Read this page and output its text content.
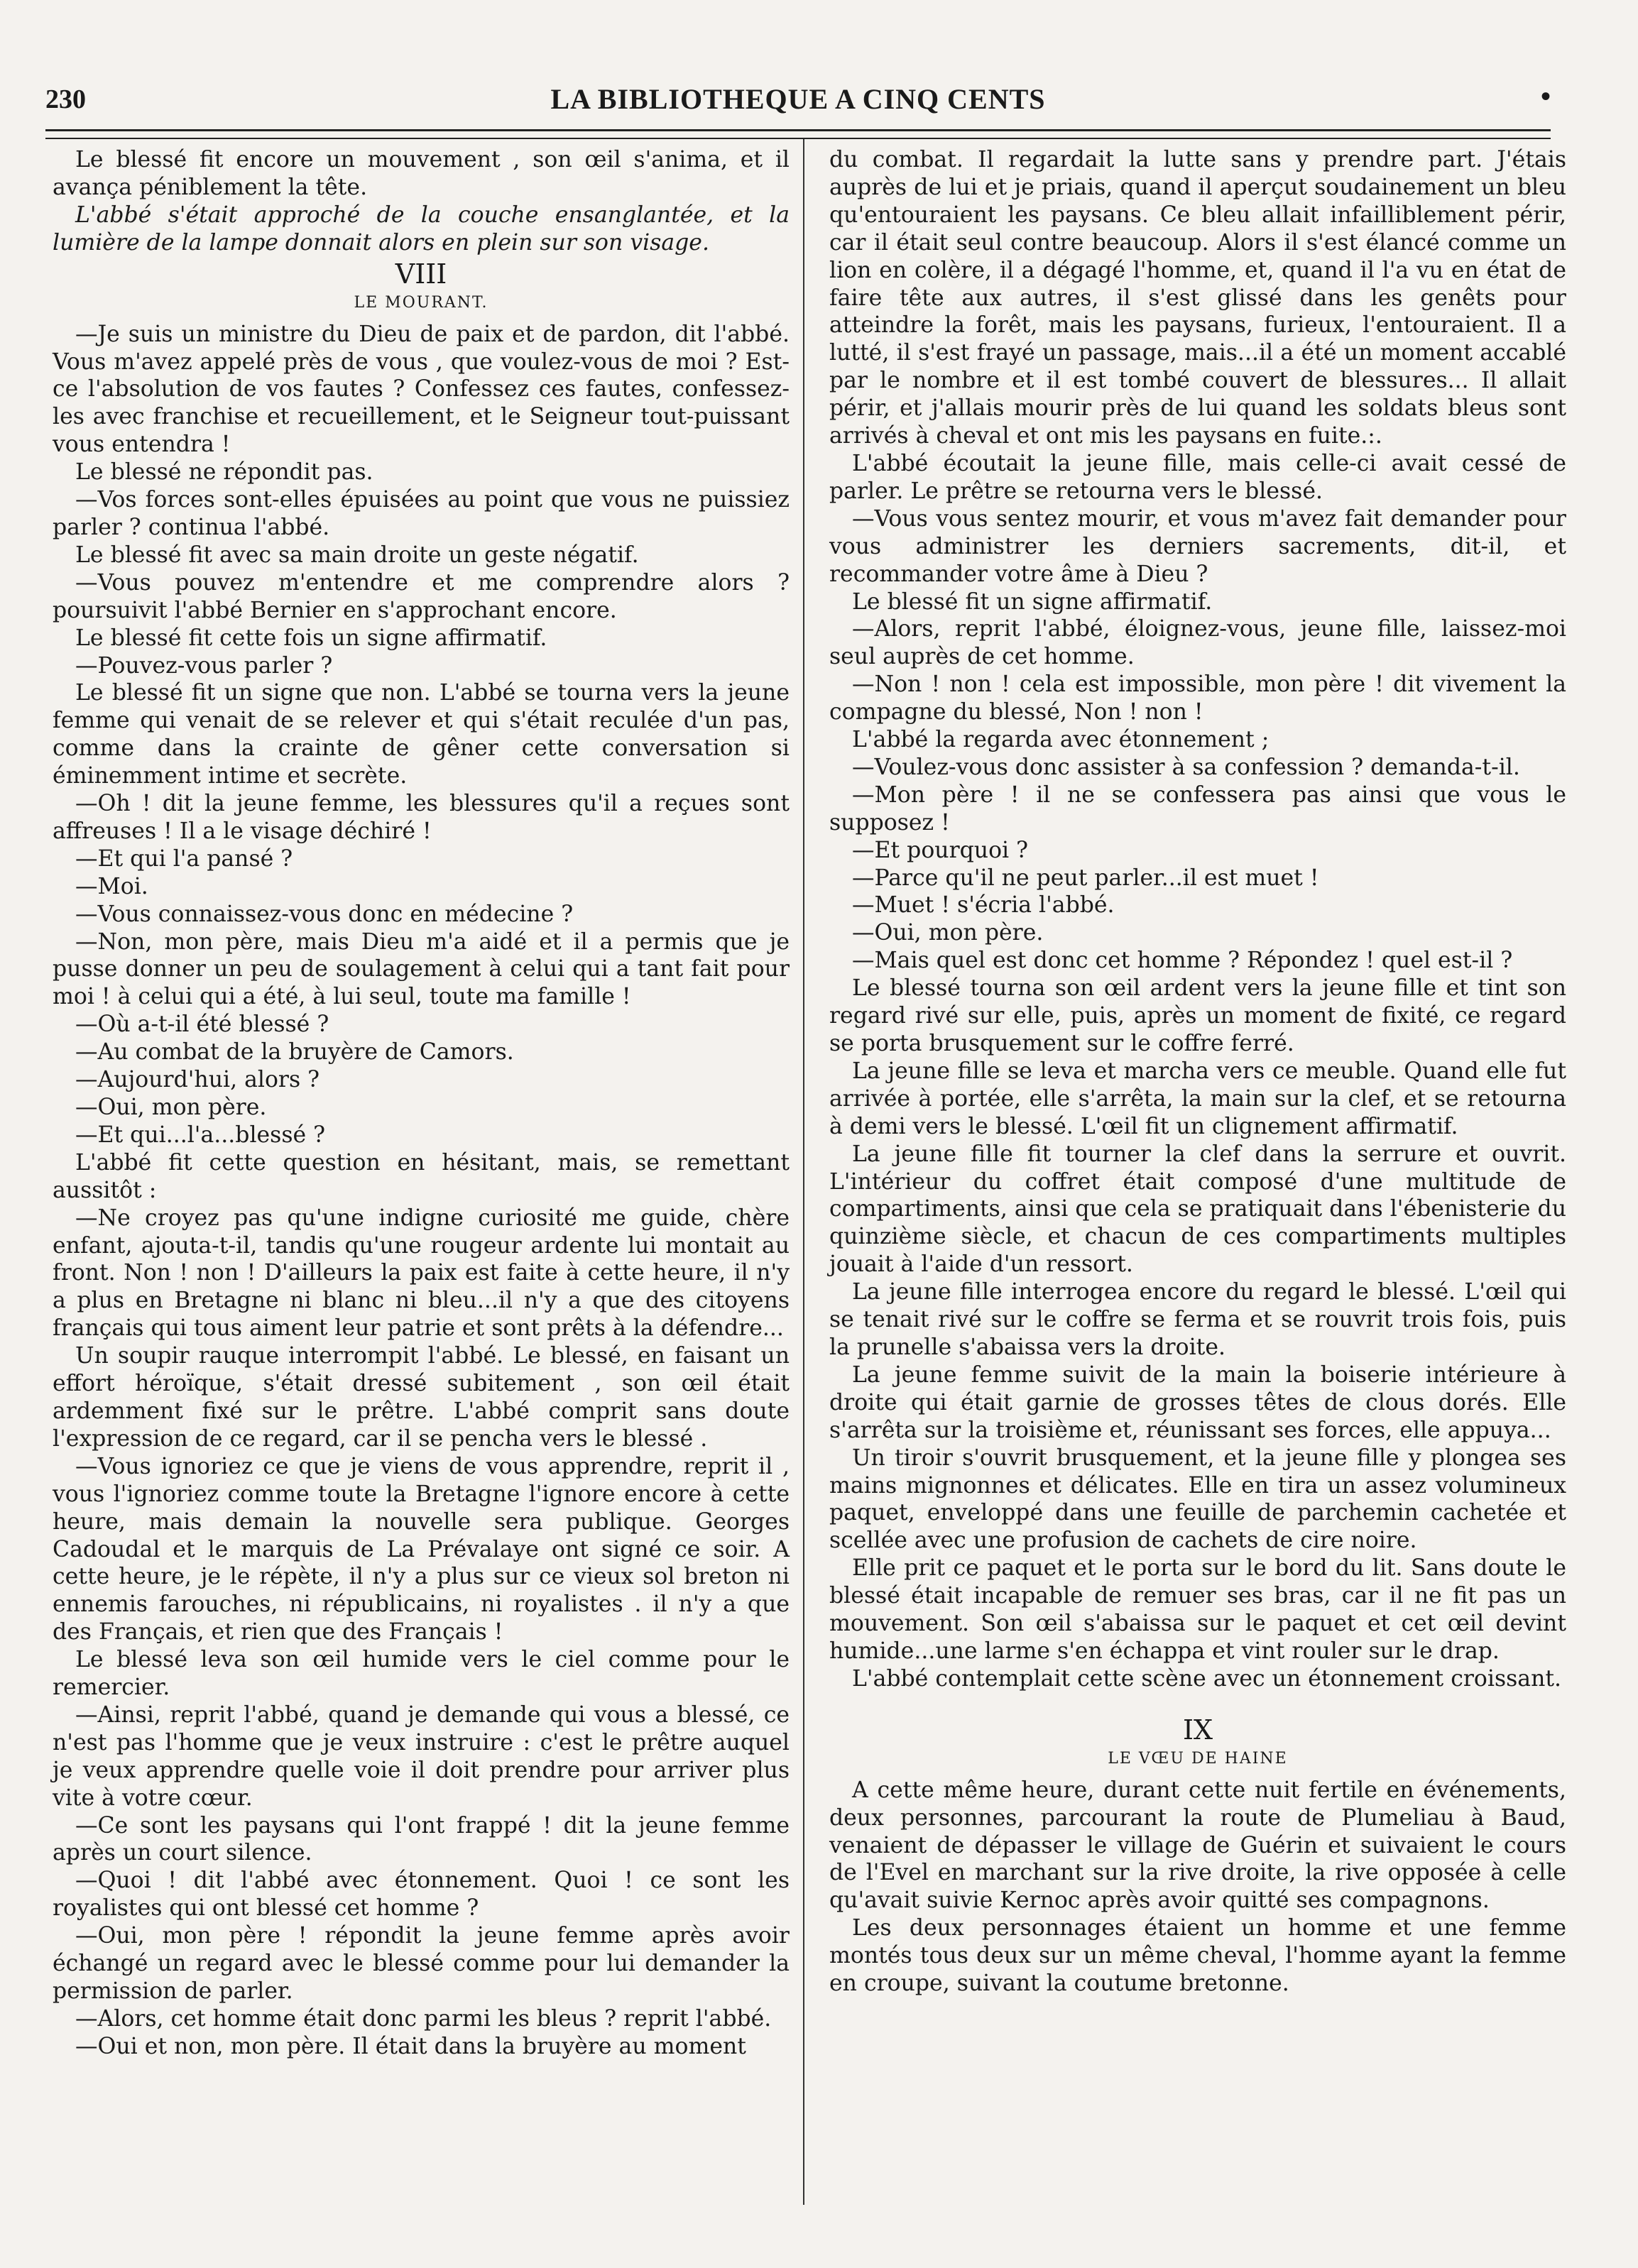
230	LA BIBLIOTHEQUE A CINQ CENTS	•

Le blessé fit encore un mouvement , son œil s'anima, et il avança péniblement la tête.

L'abbé s'était approché de la couche ensanglantée, et la lumière de la lampe donnait alors en plein sur son visage.

VIII
LE MOURANT.

—Je suis un ministre du Dieu de paix et de pardon, dit l'abbé. Vous m'avez appelé près de vous , que voulez-vous de moi ? Est-ce l'absolution de vos fautes ? Confessez ces fautes, confessez-les avec franchise et recueillement, et le Seigneur tout-puissant vous entendra !

Le blessé ne répondit pas.

—Vos forces sont-elles épuisées au point que vous ne puissiez parler ? continua l'abbé.

Le blessé fit avec sa main droite un geste négatif.

—Vous pouvez m'entendre et me comprendre alors ? poursuivit l'abbé Bernier en s'approchant encore.

Le blessé fit cette fois un signe affirmatif.

—Pouvez-vous parler ?

Le blessé fit un signe que non. L'abbé se tourna vers la jeune femme qui venait de se relever et qui s'était reculée d'un pas, comme dans la crainte de gêner cette conversation si éminemment intime et secrète.

—Oh ! dit la jeune femme, les blessures qu'il a reçues sont affreuses ! Il a le visage déchiré !

—Et qui l'a pansé ?

—Moi.

—Vous connaissez-vous donc en médecine ?

—Non, mon père, mais Dieu m'a aidé et il a permis que je pusse donner un peu de soulagement à celui qui a tant fait pour moi ! à celui qui a été, à lui seul, toute ma famille !

—Où a-t-il été blessé ?

—Au combat de la bruyère de Camors.

—Aujourd'hui, alors ?

—Oui, mon père.

—Et qui...l'a...blessé ?

L'abbé fit cette question en hésitant, mais, se remettant aussitôt :

—Ne croyez pas qu'une indigne curiosité me guide, chère enfant, ajouta-t-il, tandis qu'une rougeur ardente lui montait au front. Non ! non ! D'ailleurs la paix est faite à cette heure, il n'y a plus en Bretagne ni blanc ni bleu...il n'y a que des citoyens français qui tous aiment leur patrie et sont prêts à la défendre...

Un soupir rauque interrompit l'abbé. Le blessé, en faisant un effort héroïque, s'était dressé subitement , son œil était ardemment fixé sur le prêtre. L'abbé comprit sans doute l'expression de ce regard, car il se pencha vers le blessé .

—Vous ignoriez ce que je viens de vous apprendre, reprit il , vous l'ignoriez comme toute la Bretagne l'ignore encore à cette heure, mais demain la nouvelle sera publique. Georges Cadoudal et le marquis de La Prévalaye ont signé ce soir. A cette heure, je le répète, il n'y a plus sur ce vieux sol breton ni ennemis farouches, ni républicains, ni royalistes . il n'y a que des Français, et rien que des Français !

Le blessé leva son œil humide vers le ciel comme pour le remercier.

—Ainsi, reprit l'abbé, quand je demande qui vous a blessé, ce n'est pas l'homme que je veux instruire : c'est le prêtre auquel je veux apprendre quelle voie il doit prendre pour arriver plus vite à votre cœur.

—Ce sont les paysans qui l'ont frappé ! dit la jeune femme après un court silence.

—Quoi ! dit l'abbé avec étonnement. Quoi ! ce sont les royalistes qui ont blessé cet homme ?

—Oui, mon père ! répondit la jeune femme après avoir échangé un regard avec le blessé comme pour lui demander la permission de parler.

—Alors, cet homme était donc parmi les bleus ? reprit l'abbé.

—Oui et non, mon père. Il était dans la bruyère au moment

du combat. Il regardait la lutte sans y prendre part. J'étais auprès de lui et je priais, quand il aperçut soudainement un bleu qu'entouraient les paysans. Ce bleu allait infailliblement périr, car il était seul contre beaucoup. Alors il s'est élancé comme un lion en colère, il a dégagé l'homme, et, quand il l'a vu en état de faire tête aux autres, il s'est glissé dans les genêts pour atteindre la forêt, mais les paysans, furieux, l'entouraient. Il a lutté, il s'est frayé un passage, mais...il a été un moment accablé par le nombre et il est tombé couvert de blessures... Il allait périr, et j'allais mourir près de lui quand les soldats bleus sont arrivés à cheval et ont mis les paysans en fuite.:.

L'abbé écoutait la jeune fille, mais celle-ci avait cessé de parler. Le prêtre se retourna vers le blessé.

—Vous vous sentez mourir, et vous m'avez fait demander pour vous administrer les derniers sacrements, dit-il, et recommander votre âme à Dieu ?

Le blessé fit un signe affirmatif.

—Alors, reprit l'abbé, éloignez-vous, jeune fille, laissez-moi seul auprès de cet homme.

—Non ! non ! cela est impossible, mon père ! dit vivement la compagne du blessé, Non ! non !

L'abbé la regarda avec étonnement ;

—Voulez-vous donc assister à sa confession ? demanda-t-il.

—Mon père ! il ne se confessera pas ainsi que vous le supposez !

—Et pourquoi ?

—Parce qu'il ne peut parler...il est muet !

—Muet ! s'écria l'abbé.

—Oui, mon père.

—Mais quel est donc cet homme ? Répondez ! quel est-il ?

Le blessé tourna son œil ardent vers la jeune fille et tint son regard rivé sur elle, puis, après un moment de fixité, ce regard se porta brusquement sur le coffre ferré.

La jeune fille se leva et marcha vers ce meuble. Quand elle fut arrivée à portée, elle s'arrêta, la main sur la clef, et se retourna à demi vers le blessé. L'œil fit un clignement affirmatif.

La jeune fille fit tourner la clef dans la serrure et ouvrit. L'intérieur du coffret était composé d'une multitude de compartiments, ainsi que cela se pratiquait dans l'ébenisterie du quinzième siècle, et chacun de ces compartiments multiples jouait à l'aide d'un ressort.

La jeune fille interrogea encore du regard le blessé. L'œil qui se tenait rivé sur le coffre se ferma et se rouvrit trois fois, puis la prunelle s'abaissa vers la droite.

La jeune femme suivit de la main la boiserie intérieure à droite qui était garnie de grosses têtes de clous dorés. Elle s'arrêta sur la troisième et, réunissant ses forces, elle appuya...

Un tiroir s'ouvrit brusquement, et la jeune fille y plongea ses mains mignonnes et délicates. Elle en tira un assez volumineux paquet, enveloppé dans une feuille de parchemin cachetée et scellée avec une profusion de cachets de cire noire.

Elle prit ce paquet et le porta sur le bord du lit. Sans doute le blessé était incapable de remuer ses bras, car il ne fit pas un mouvement. Son œil s'abaissa sur le paquet et cet œil devint humide...une larme s'en échappa et vint rouler sur le drap.

L'abbé contemplait cette scène avec un étonnement croissant.

IX
LE VŒU DE HAINE

A cette même heure, durant cette nuit fertile en événements, deux personnes, parcourant la route de Plumeliau à Baud, venaient de dépasser le village de Guérin et suivaient le cours de l'Evel en marchant sur la rive droite, la rive opposée à celle qu'avait suivie Kernoc après avoir quitté ses compagnons.

Les deux personnages étaient un homme et une femme montés tous deux sur un même cheval, l'homme ayant la femme en croupe, suivant la coutume bretonne.
